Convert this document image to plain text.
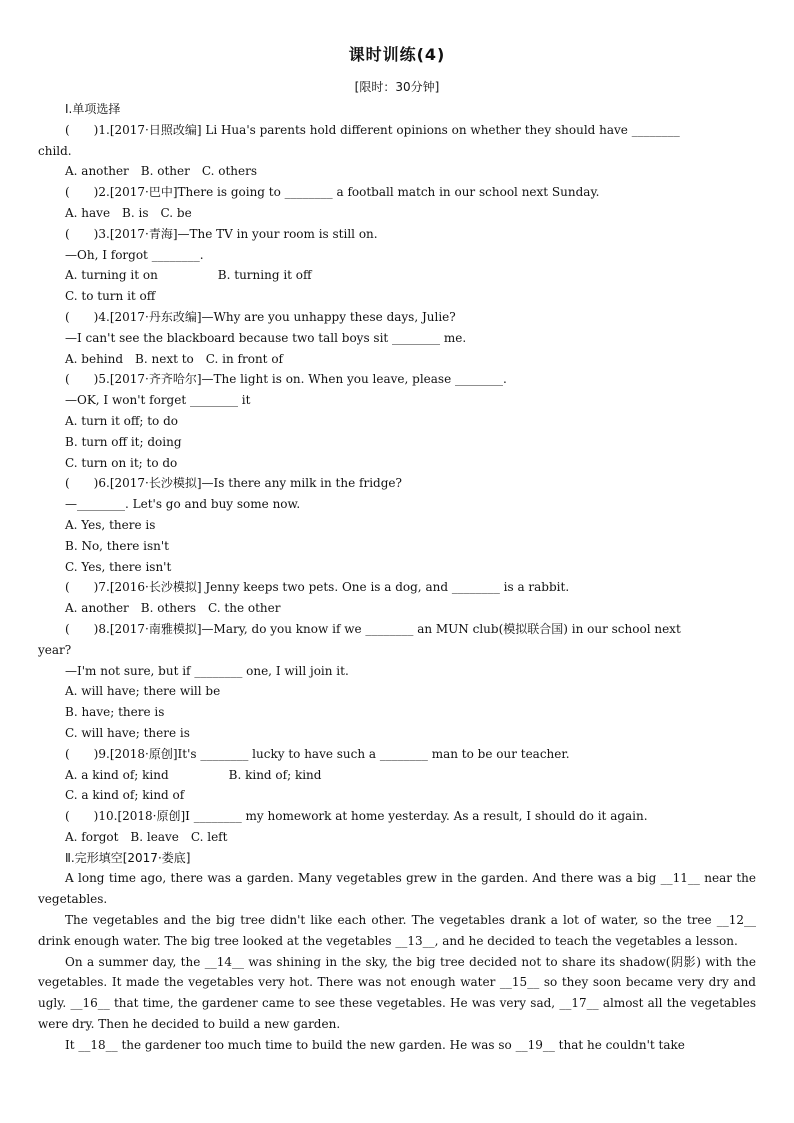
课时训练(4)
[限时：30分钟]
Ⅰ.单项选择
(　　)1.[2017·日照改编] Li Hua's parents hold different opinions on whether they should have ________
child.
A. another　B. other　C. others
(　　)2.[2017·巴中]There is going to ________ a football match in our school next Sunday.
A. have　B. is　C. be
(　　)3.[2017·青海]—The TV in your room is still on.
—Oh, I forgot ________.
A. turning it on　　　　　B. turning it off
C. to turn it off
(　　)4.[2017·丹东改编]—Why are you unhappy these days, Julie?
—I can't see the blackboard because two tall boys sit ________ me.
A. behind　B. next to　C. in front of
(　　)5.[2017·齐齐哈尔]—The light is on. When you leave, please ________.
—OK, I won't forget ________ it
A. turn it off; to do
B. turn off it; doing
C. turn on it; to do
(　　)6.[2017·长沙模拟]—Is there any milk in the fridge?
—________. Let's go and buy some now.
A. Yes, there is
B. No, there isn't
C. Yes, there isn't
(　　)7.[2016·长沙模拟] Jenny keeps two pets. One is a dog, and ________ is a rabbit.
A. another　B. others　C. the other
(　　)8.[2017·南雅模拟]—Mary, do you know if we ________ an MUN club(模拟联合国) in our school next
year?
—I'm not sure, but if ________ one, I will join it.
A. will have; there will be
B. have; there is
C. will have; there is
(　　)9.[2018·原创]It's ________ lucky to have such a ________ man to be our teacher.
A. a kind of; kind　　　　　B. kind of; kind
C. a kind of; kind of
(　　)10.[2018·原创]I ________ my homework at home yesterday. As a result, I should do it again.
A. forgot　B. leave　C. left
Ⅱ.完形填空[2017·娄底]
A long time ago, there was a garden. Many vegetables grew in the garden. And there was a big __11__ near the vegetables.
The vegetables and the big tree didn't like each other. The vegetables drank a lot of water, so the tree __12__ drink enough water. The big tree looked at the vegetables __13__, and he decided to teach the vegetables a lesson.
On a summer day, the __14__ was shining in the sky, the big tree decided not to share its shadow(阴影) with the vegetables. It made the vegetables very hot. There was not enough water __15__ so they soon became very dry and ugly. __16__ that time, the gardener came to see these vegetables. He was very sad, __17__ almost all the vegetables were dry. Then he decided to build a new garden.
It __18__ the gardener too much time to build the new garden. He was so __19__ that he couldn't take
